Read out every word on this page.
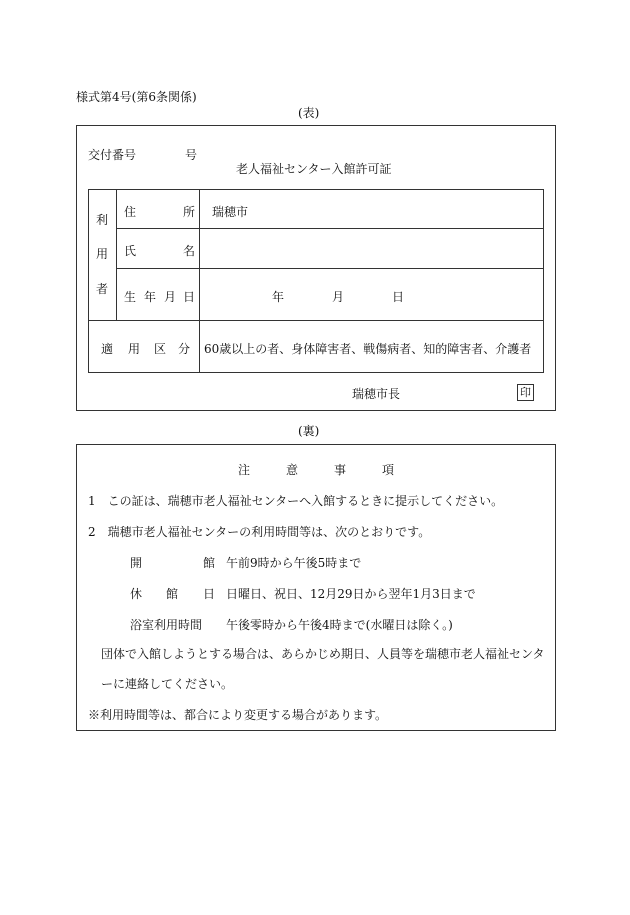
様式第4号(第6条関係)
(表)
交付番号	号
老人福祉センター入館許可証
利
用
者
住	所 瑞穂市
氏	名
生 年 月 日	年	月	日
適 用 区 分 60歳以上の者、身体障害者、戦傷病者、知的障害者、介護者
瑞穂市長	印
(裏)
注	意	事	項
1　この証は、瑞穂市老人福祉センターへ入館するときに提示してください。
2　瑞穂市老人福祉センターの利用時間等は、次のとおりです。
開	館 午前9時から午後5時まで
休 館 日 日曜日、祝日、12月29日から翌年1月3日まで
浴室利用時間 午後零時から午後4時まで(水曜日は除く。)
団体で入館しようとする場合は、あらかじめ期日、人員等を瑞穂市老人福祉センタ
ーに連絡してください。
※利用時間等は、都合により変更する場合があります。
